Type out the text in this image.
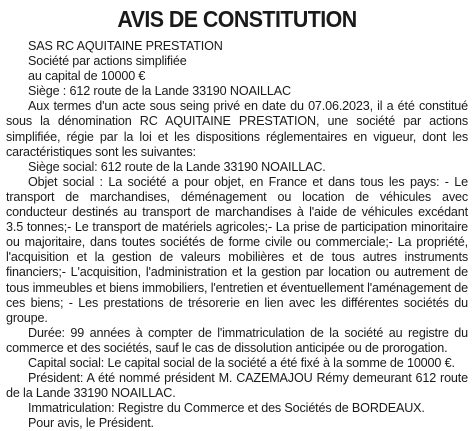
AVIS DE CONSTITUTION
SAS RC AQUITAINE PRESTATION
Société par actions simplifiée
au capital de 10000 €
Siège : 612 route de la Lande 33190 NOAILLAC

Aux termes d'un acte sous seing privé en date du 07.06.2023, il a été constitué sous la dénomination RC AQUITAINE PRESTATION, une société par actions simplifiée, régie par la loi et les dispositions réglementaires en vigueur, dont les caractéristiques sont les suivantes:

Siège social: 612 route de la Lande 33190 NOAILLAC.

Objet social : La société a pour objet, en France et dans tous les pays: - Le transport de marchandises, déménagement ou location de véhicules avec conducteur destinés au transport de marchandises à l'aide de véhicules excédant 3.5 tonnes;- Le transport de matériels agricoles;- La prise de participation minoritaire ou majoritaire, dans toutes sociétés de forme civile ou commerciale;- La propriété, l'acquisition et la gestion de valeurs mobilières et de tous autres instruments financiers;- L'acquisition, l'administration et la gestion par location ou autrement de tous immeubles et biens immobiliers, l'entretien et éventuellement l'aménagement de ces biens; - Les prestations de trésorerie en lien avec les différentes sociétés du groupe.

Durée: 99 années à compter de l'immatriculation de la société au registre du commerce et des sociétés, sauf le cas de dissolution anticipée ou de prorogation.

Capital social: Le capital social de la société a été fixé à la somme de 10000 €.

Président: A été nommé président M. CAZEMAJOU Rémy demeurant 612 route de la Lande 33190 NOAILLAC.

Immatriculation: Registre du Commerce et des Sociétés de BORDEAUX.

Pour avis, le Président.
